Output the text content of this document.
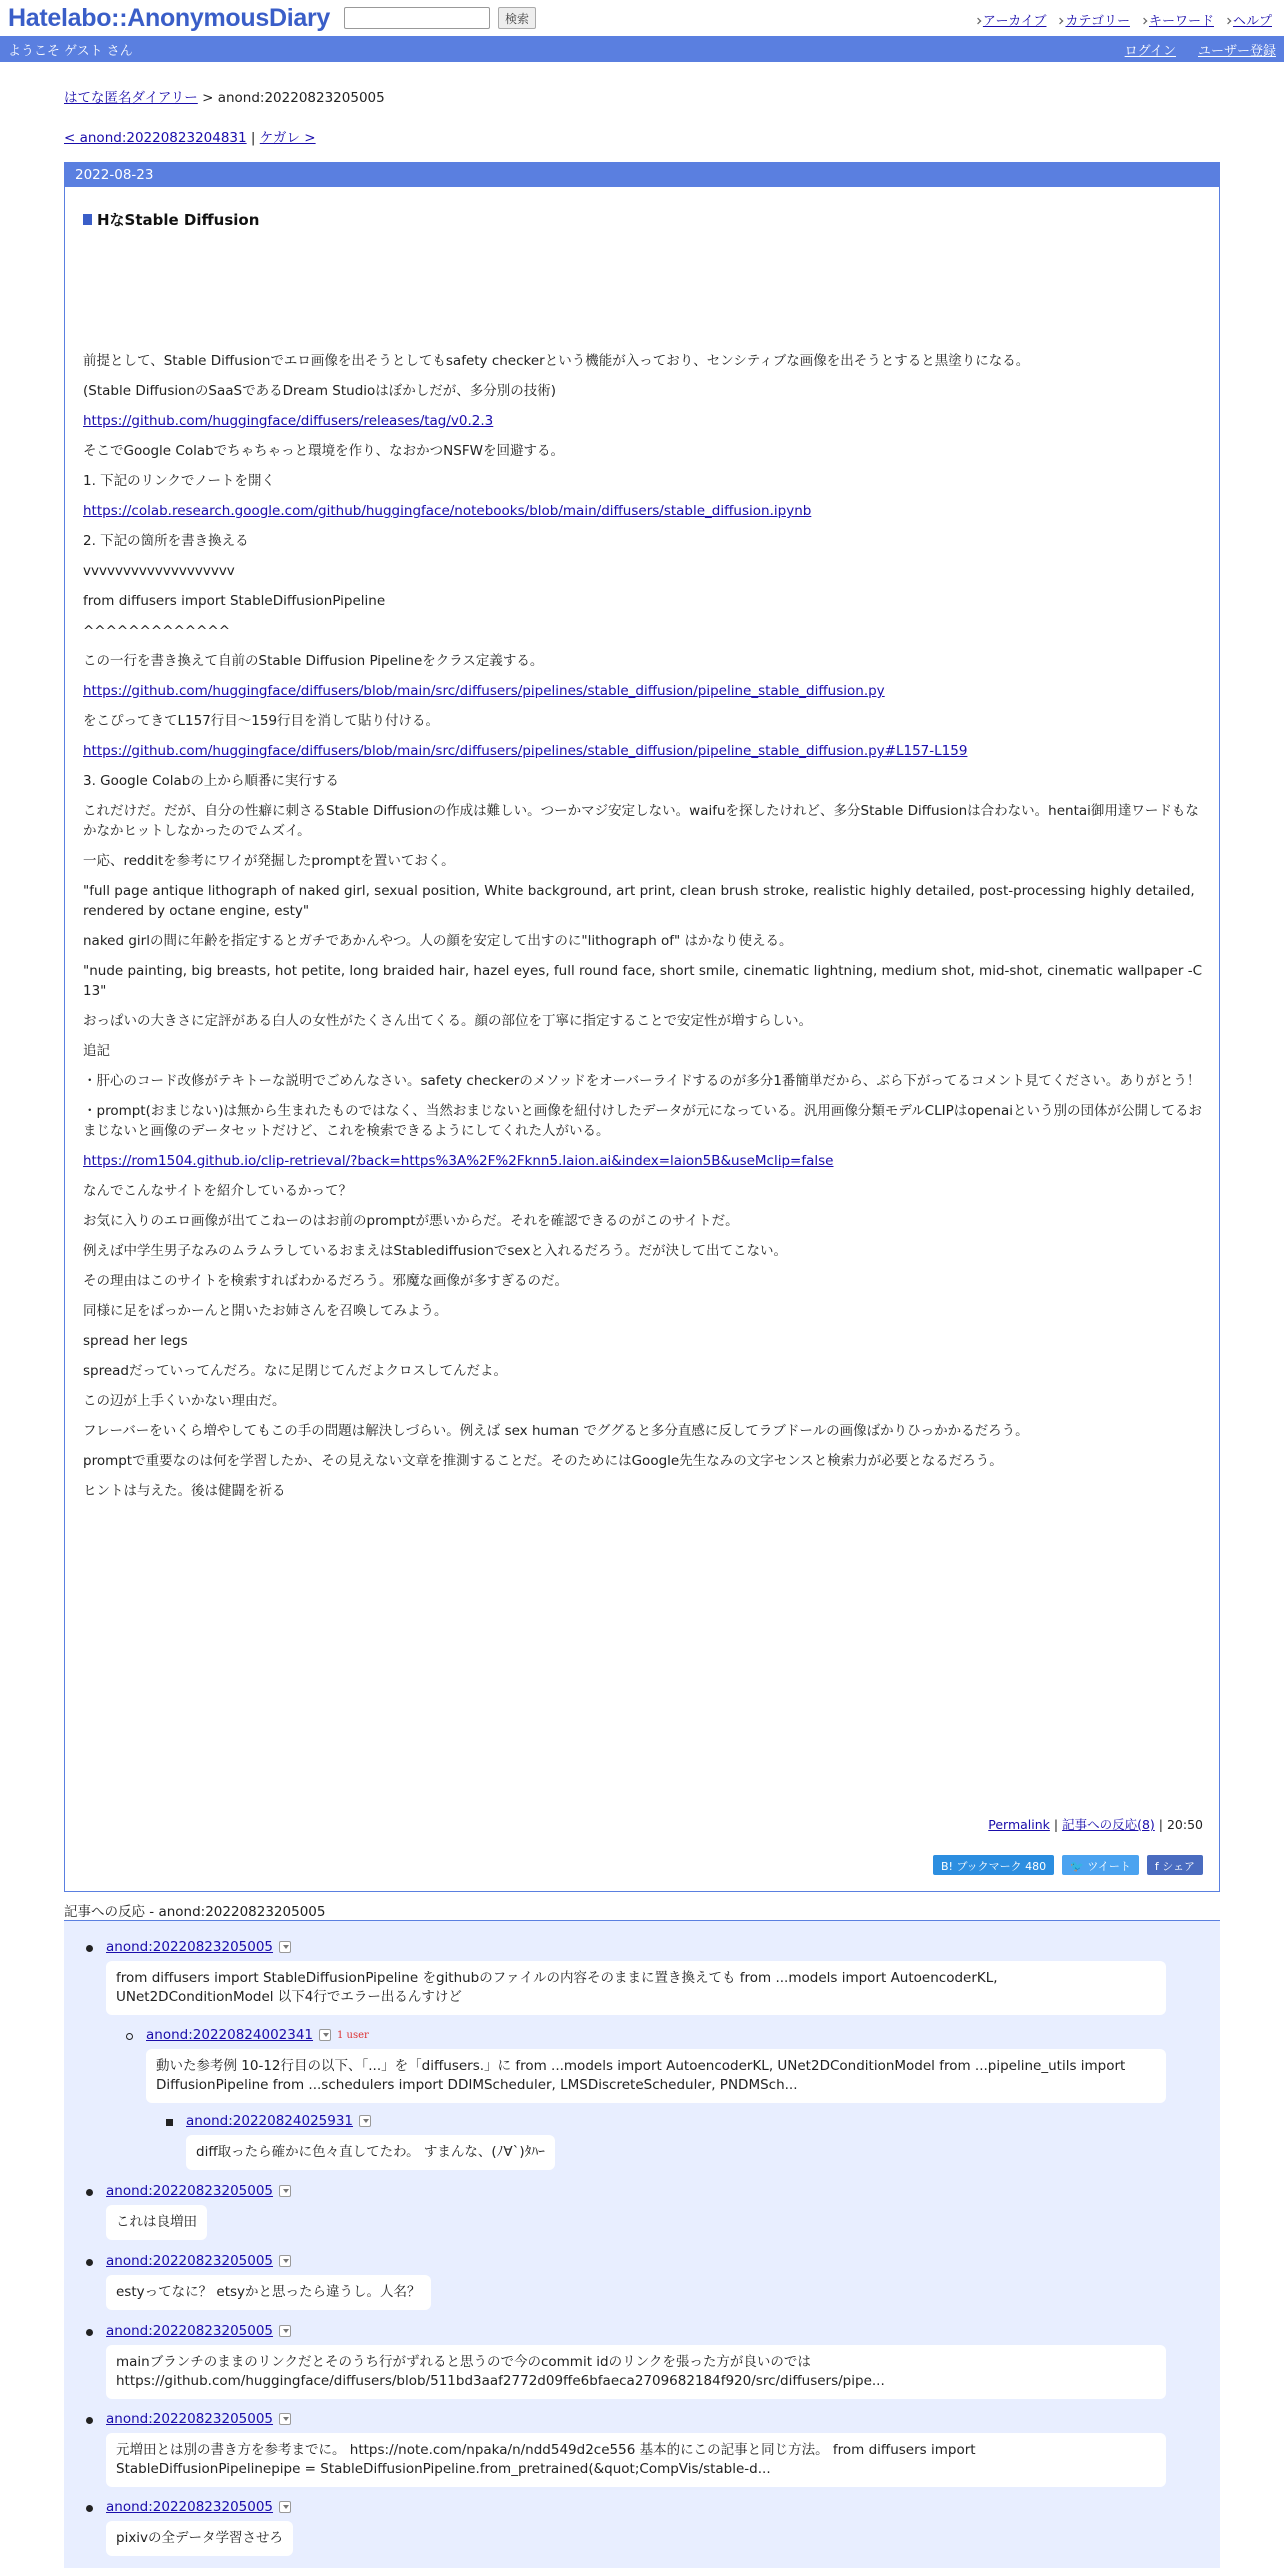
Hatelabo::AnonymousDiary	検索	アーカイブ	カテゴリー	キーワード	ヘルプ
ようこそ ゲスト さん	ログイン ユーザー登録
はてな匿名ダイアリー > anond:20220823205005
< anond:20220823204831 | ケガレ >
2022-08-23
HなStable Diffusion

前提として、Stable Diffusionでエロ画像を出そうとしてもsafety checkerという機能が入っており、センシティブな画像を出そうとすると黒塗りになる。

(Stable DiffusionのSaaSであるDream Studioはぼかしだが、多分別の技術)

https://github.com/huggingface/diffusers/releases/tag/v0.2.3

そこでGoogle Colabでちゃちゃっと環境を作り、なおかつNSFWを回避する。

1. 下記のリンクでノートを開く

https://colab.research.google.com/github/huggingface/notebooks/blob/main/diffusers/stable_diffusion.ipynb

2. 下記の箇所を書き換える

vvvvvvvvvvvvvvvvvvv

from diffusers import StableDiffusionPipeline

^^^^^^^^^^^^^

この一行を書き換えて自前のStable Diffusion Pipelineをクラス定義する。

https://github.com/huggingface/diffusers/blob/main/src/diffusers/pipelines/stable_diffusion/pipeline_stable_diffusion.py

をこぴってきてL157行目～159行目を消して貼り付ける。

https://github.com/huggingface/diffusers/blob/main/src/diffusers/pipelines/stable_diffusion/pipeline_stable_diffusion.py#L157-L159

3. Google Colabの上から順番に実行する

これだけだ。だが、自分の性癖に刺さるStable Diffusionの作成は難しい。つーかマジ安定しない。waifuを探したけれど、多分Stable Diffusionは合わない。hentai御用達ワードもなかなかヒットしなかったのでムズイ。

一応、redditを参考にワイが発掘したpromptを置いておく。

"full page antique lithograph of naked girl, sexual position, White background, art print, clean brush stroke, realistic highly detailed, post-processing highly detailed, rendered by octane engine, esty"

naked girlの間に年齢を指定するとガチであかんやつ。人の顔を安定して出すのに"lithograph of" はかなり使える。

"nude painting, big breasts, hot petite, long braided hair, hazel eyes, full round face, short smile, cinematic lightning, medium shot, mid-shot, cinematic wallpaper -C 13"

おっぱいの大きさに定評がある白人の女性がたくさん出てくる。顔の部位を丁寧に指定することで安定性が増すらしい。

追記

・肝心のコード改修がテキトーな説明でごめんなさい。safety checkerのメソッドをオーバーライドするのが多分1番簡単だから、ぶら下がってるコメント見てください。ありがとう！

・prompt(おまじない)は無から生まれたものではなく、当然おまじないと画像を紐付けしたデータが元になっている。汎用画像分類モデルCLIPはopenaiという別の団体が公開してるおまじないと画像のデータセットだけど、これを検索できるようにしてくれた人がいる。

https://rom1504.github.io/clip-retrieval/?back=https%3A%2F%2Fknn5.laion.ai&index=laion5B&useMclip=false

なんでこんなサイトを紹介しているかって？

お気に入りのエロ画像が出てこねーのはお前のpromptが悪いからだ。それを確認できるのがこのサイトだ。

例えば中学生男子なみのムラムラしているおまえはStablediffusionでsexと入れるだろう。だが決して出てこない。

その理由はこのサイトを検索すればわかるだろう。邪魔な画像が多すぎるのだ。

同様に足をぱっかーんと開いたお姉さんを召喚してみよう。

spread her legs

spreadだっていってんだろ。なに足閉じてんだよクロスしてんだよ。

この辺が上手くいかない理由だ。

フレーバーをいくら増やしてもこの手の問題は解決しづらい。例えば sex human でググると多分直感に反してラブドールの画像ばかりひっかかるだろう。

promptで重要なのは何を学習したか、その見えない文章を推測することだ。そのためにはGoogle先生なみの文字センスと検索力が必要となるだろう。

ヒントは与えた。後は健闘を祈る

Permalink | 記事への反応(8) | 20:50
B! ブックマーク 480	🐦 ツイート	f シェア
記事への反応 - anond:20220823205005
anond:20220823205005
from diffusers import StableDiffusionPipeline をgithubのファイルの内容そのままに置き換えても from ...models import AutoencoderKL, UNet2DConditionModel 以下4行でエラー出るんすけど
anond:20220824002341 1 user
動いた参考例 10-12行目の以下、「...」を「diffusers.」に from ...models import AutoencoderKL, UNet2DConditionModel from ...pipeline_utils import DiffusionPipeline from ...schedulers import DDIMScheduler, LMSDiscreteScheduler, PNDMSch...
anond:20220824025931
diff取ったら確かに色々直してたわ。 すまんな、(ﾉ∀`)ﾀﾊｰ
anond:20220823205005
これは良増田
anond:20220823205005
estyってなに？ etsyかと思ったら違うし。人名？
anond:20220823205005
mainブランチのままのリンクだとそのうち行がずれると思うので今のcommit idのリンクを張った方が良いのでは https://github.com/huggingface/diffusers/blob/511bd3aaf2772d09ffe6bfaeca2709682184f920/src/diffusers/pipe...
anond:20220823205005
元増田とは別の書き方を参考までに。 https://note.com/npaka/n/ndd549d2ce556 基本的にこの記事と同じ方法。 from diffusers import StableDiffusionPipelinepipe = StableDiffusionPipeline.from_pretrained(&quot;CompVis/stable-d...
anond:20220823205005
pixivの全データ学習させろ
